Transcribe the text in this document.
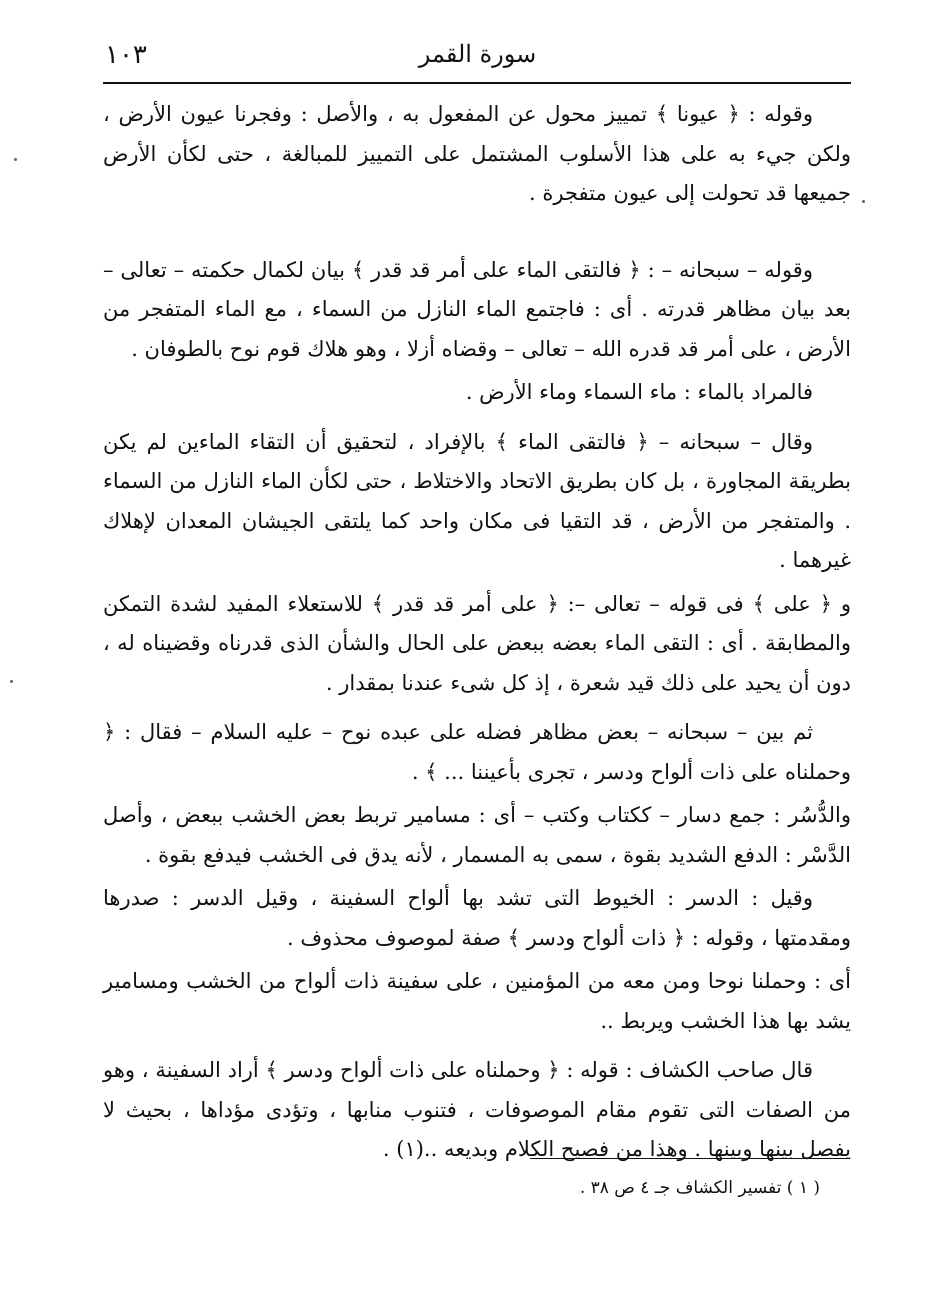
١٠٣	سورة القمر

وقوله : ﴿ عيونا ﴾ تمييز محول عن المفعول به ، والأصل : وفجرنا عيون الأرض ، ولكن جيء به على هذا الأسلوب المشتمل على التمييز للمبالغة ، حتى لكأن الأرض جميعها قد تحولت إلى عيون متفجرة .

وقوله – سبحانه – : ﴿ فالتقى الماء على أمر قد قدر ﴾ بيان لكمال حكمته – تعالى – بعد بيان مظاهر قدرته . أى : فاجتمع الماء النازل من السماء ، مع الماء المتفجر من الأرض ، على أمر قد قدره الله – تعالى – وقضاه أزلا ، وهو هلاك قوم نوح بالطوفان .

فالمراد بالماء : ماء السماء وماء الأرض .

وقال – سبحانه – ﴿ فالتقى الماء ﴾ بالإفراد ، لتحقيق أن التقاء الماءين لم يكن بطريقة المجاورة ، بل كان بطريق الاتحاد والاختلاط ، حتى لكأن الماء النازل من السماء . والمتفجر من الأرض ، قد التقيا فى مكان واحد كما يلتقى الجيشان المعدان لإهلاك غيرهما .

و ﴿ على ﴾ فى قوله – تعالى –: ﴿ على أمر قد قدر ﴾ للاستعلاء المفيد لشدة التمكن والمطابقة . أى : التقى الماء بعضه ببعض على الحال والشأن الذى قدرناه وقضيناه له ، دون أن يحيد على ذلك قيد شعرة ، إذ كل شىء عندنا بمقدار .

ثم بين – سبحانه – بعض مظاهر فضله على عبده نوح – عليه السلام – فقال : ﴿ وحملناه على ذات ألواح ودسر ، تجرى بأعيننا ... ﴾ .

والدُّسُر : جمع دسار – ككتاب وكتب – أى : مسامير تربط بعض الخشب ببعض ، وأصل الدَّسْر : الدفع الشديد بقوة ، سمى به المسمار ، لأنه يدق فى الخشب فيدفع بقوة .

وقيل : الدسر : الخيوط التى تشد بها ألواح السفينة ، وقيل الدسر : صدرها ومقدمتها ، وقوله : ﴿ ذات ألواح ودسر ﴾ صفة لموصوف محذوف .

أى : وحملنا نوحا ومن معه من المؤمنين ، على سفينة ذات ألواح من الخشب ومسامير يشد بها هذا الخشب ويربط ..

قال صاحب الكشاف : قوله : ﴿ وحملناه على ذات ألواح ودسر ﴾ أراد السفينة ، وهو من الصفات التى تقوم مقام الموصوفات ، فتنوب منابها ، وتؤدى مؤداها ، بحيث لا يفصل بينها وبينها . وهذا من فصيح الكلام وبديعه ..(١) .

( ١ ) تفسير الكشاف جـ ٤ ص ٣٨ .
